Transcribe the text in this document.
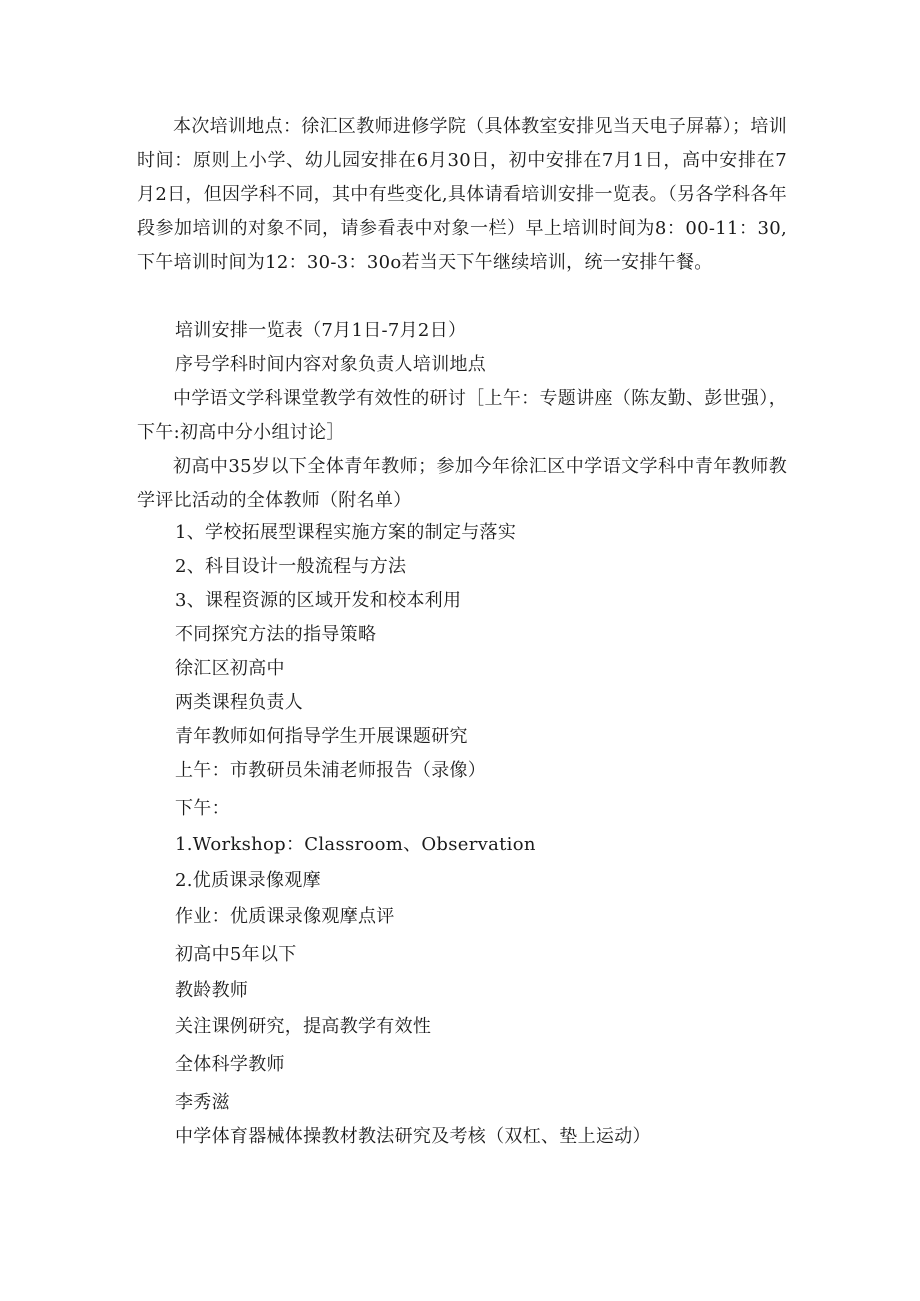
本次培训地点：徐汇区教师进修学院（具体教室安排见当天电子屏幕）；培训时间：原则上小学、幼儿园安排在6月30日，初中安排在7月1日，高中安排在7月2日，但因学科不同，其中有些变化,具体请看培训安排一览表。（另各学科各年段参加培训的对象不同，请参看表中对象一栏）早上培训时间为8：00-11：30,下午培训时间为12：30-3：30o若当天下午继续培训，统一安排午餐。

培训安排一览表（7月1日-7月2日）

序号学科时间内容对象负责人培训地点

中学语文学科课堂教学有效性的研讨［上午：专题讲座（陈友勤、彭世强），下午:初高中分小组讨论］

初高中35岁以下全体青年教师；参加今年徐汇区中学语文学科中青年教师教学评比活动的全体教师（附名单）

1、学校拓展型课程实施方案的制定与落实

2、科目设计一般流程与方法

3、课程资源的区域开发和校本利用

不同探究方法的指导策略

徐汇区初高中

两类课程负责人

青年教师如何指导学生开展课题研究

上午：市教研员朱浦老师报告（录像）

下午：

1.Workshop：Classroom、Observation

2.优质课录像观摩

作业：优质课录像观摩点评

初高中5年以下

教龄教师

关注课例研究，提高教学有效性

全体科学教师

李秀滋

中学体育器械体操教材教法研究及考核（双杠、垫上运动）
